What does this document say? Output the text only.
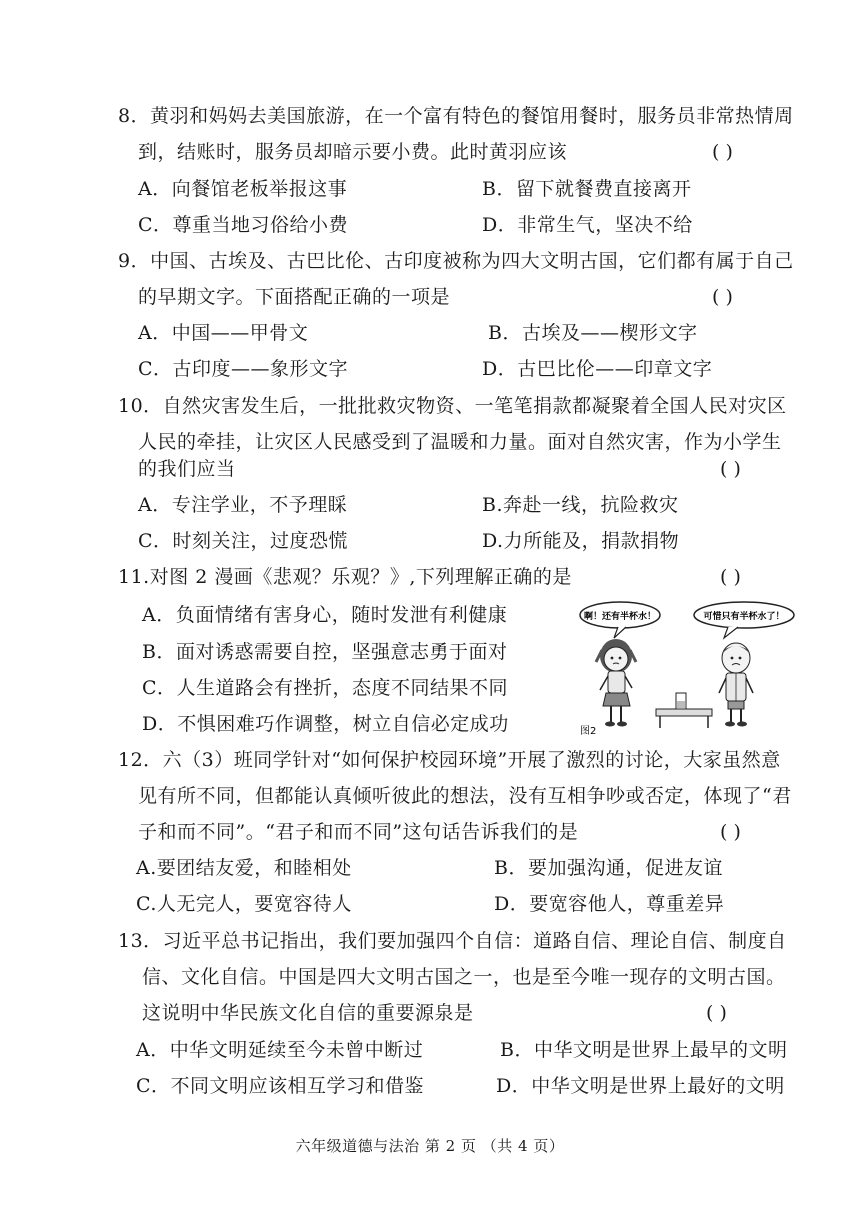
8．黄羽和妈妈去美国旅游，在一个富有特色的餐馆用餐时，服务员非常热情周
到，结账时，服务员却暗示要小费。此时黄羽应该	( )
A．向餐馆老板举报这事	B．留下就餐费直接离开
C．尊重当地习俗给小费	D．非常生气，坚决不给
9．中国、古埃及、古巴比伦、古印度被称为四大文明古国，它们都有属于自己
的早期文字。下面搭配正确的一项是	( )
A．中国——甲骨文	B．古埃及——楔形文字
C．古印度——象形文字	D．古巴比伦——印章文字
10．自然灾害发生后，一批批救灾物资、一笔笔捐款都凝聚着全国人民对灾区
人民的牵挂，让灾区人民感受到了温暖和力量。面对自然灾害，作为小学生
的我们应当	( )
A．专注学业，不予理睬	B.奔赴一线，抗险救灾
C．时刻关注，过度恐慌	D.力所能及，捐款捐物
11.对图 2 漫画《悲观？乐观？》,下列理解正确的是	( )
A．负面情绪有害身心，随时发泄有利健康
B．面对诱惑需要自控，坚强意志勇于面对
C．人生道路会有挫折，态度不同结果不同
D．不惧困难巧作调整，树立自信必定成功
啊！还有半杯水！	可惜只有半杯水了！
图2
12．六（3）班同学针对“如何保护校园环境”开展了激烈的讨论，大家虽然意
见有所不同，但都能认真倾听彼此的想法，没有互相争吵或否定，体现了“君
子和而不同”。“君子和而不同”这句话告诉我们的是	( )
A.要团结友爱，和睦相处	B．要加强沟通，促进友谊
C.人无完人，要宽容待人	D．要宽容他人，尊重差异
13．习近平总书记指出，我们要加强四个自信：道路自信、理论自信、制度自
信、文化自信。中国是四大文明古国之一，也是至今唯一现存的文明古国。
这说明中华民族文化自信的重要源泉是	( )
A．中华文明延续至今未曾中断过	B．中华文明是世界上最早的文明
C．不同文明应该相互学习和借鉴	D．中华文明是世界上最好的文明
六年级道德与法治 第 2 页 （共 4 页）
